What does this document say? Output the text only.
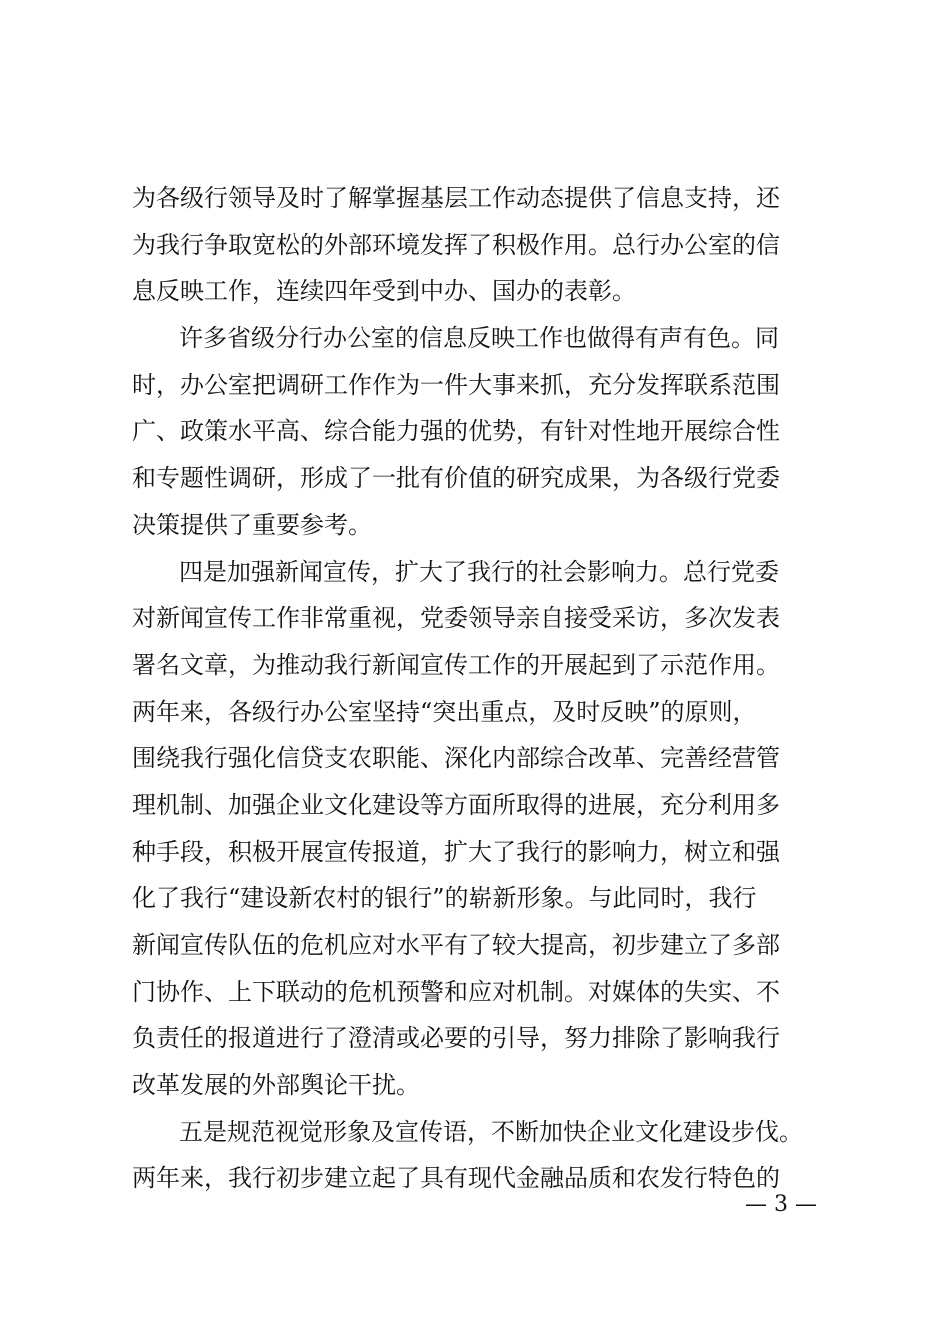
为各级行领导及时了解掌握基层工作动态提供了信息支持，还
为我行争取宽松的外部环境发挥了积极作用。总行办公室的信
息反映工作，连续四年受到中办、国办的表彰。
许多省级分行办公室的信息反映工作也做得有声有色。同
时，办公室把调研工作作为一件大事来抓，充分发挥联系范围
广、政策水平高、综合能力强的优势，有针对性地开展综合性
和专题性调研，形成了一批有价值的研究成果，为各级行党委
决策提供了重要参考。
四是加强新闻宣传，扩大了我行的社会影响力。总行党委
对新闻宣传工作非常重视，党委领导亲自接受采访，多次发表
署名文章，为推动我行新闻宣传工作的开展起到了示范作用。
两年来，各级行办公室坚持“突出重点，及时反映”的原则，
围绕我行强化信贷支农职能、深化内部综合改革、完善经营管
理机制、加强企业文化建设等方面所取得的进展，充分利用多
种手段，积极开展宣传报道，扩大了我行的影响力，树立和强
化了我行“建设新农村的银行”的崭新形象。与此同时，我行
新闻宣传队伍的危机应对水平有了较大提高，初步建立了多部
门协作、上下联动的危机预警和应对机制。对媒体的失实、不
负责任的报道进行了澄清或必要的引导，努力排除了影响我行
改革发展的外部舆论干扰。
五是规范视觉形象及宣传语，不断加快企业文化建设步伐。
两年来，我行初步建立起了具有现代金融品质和农发行特色的
— 3 —
